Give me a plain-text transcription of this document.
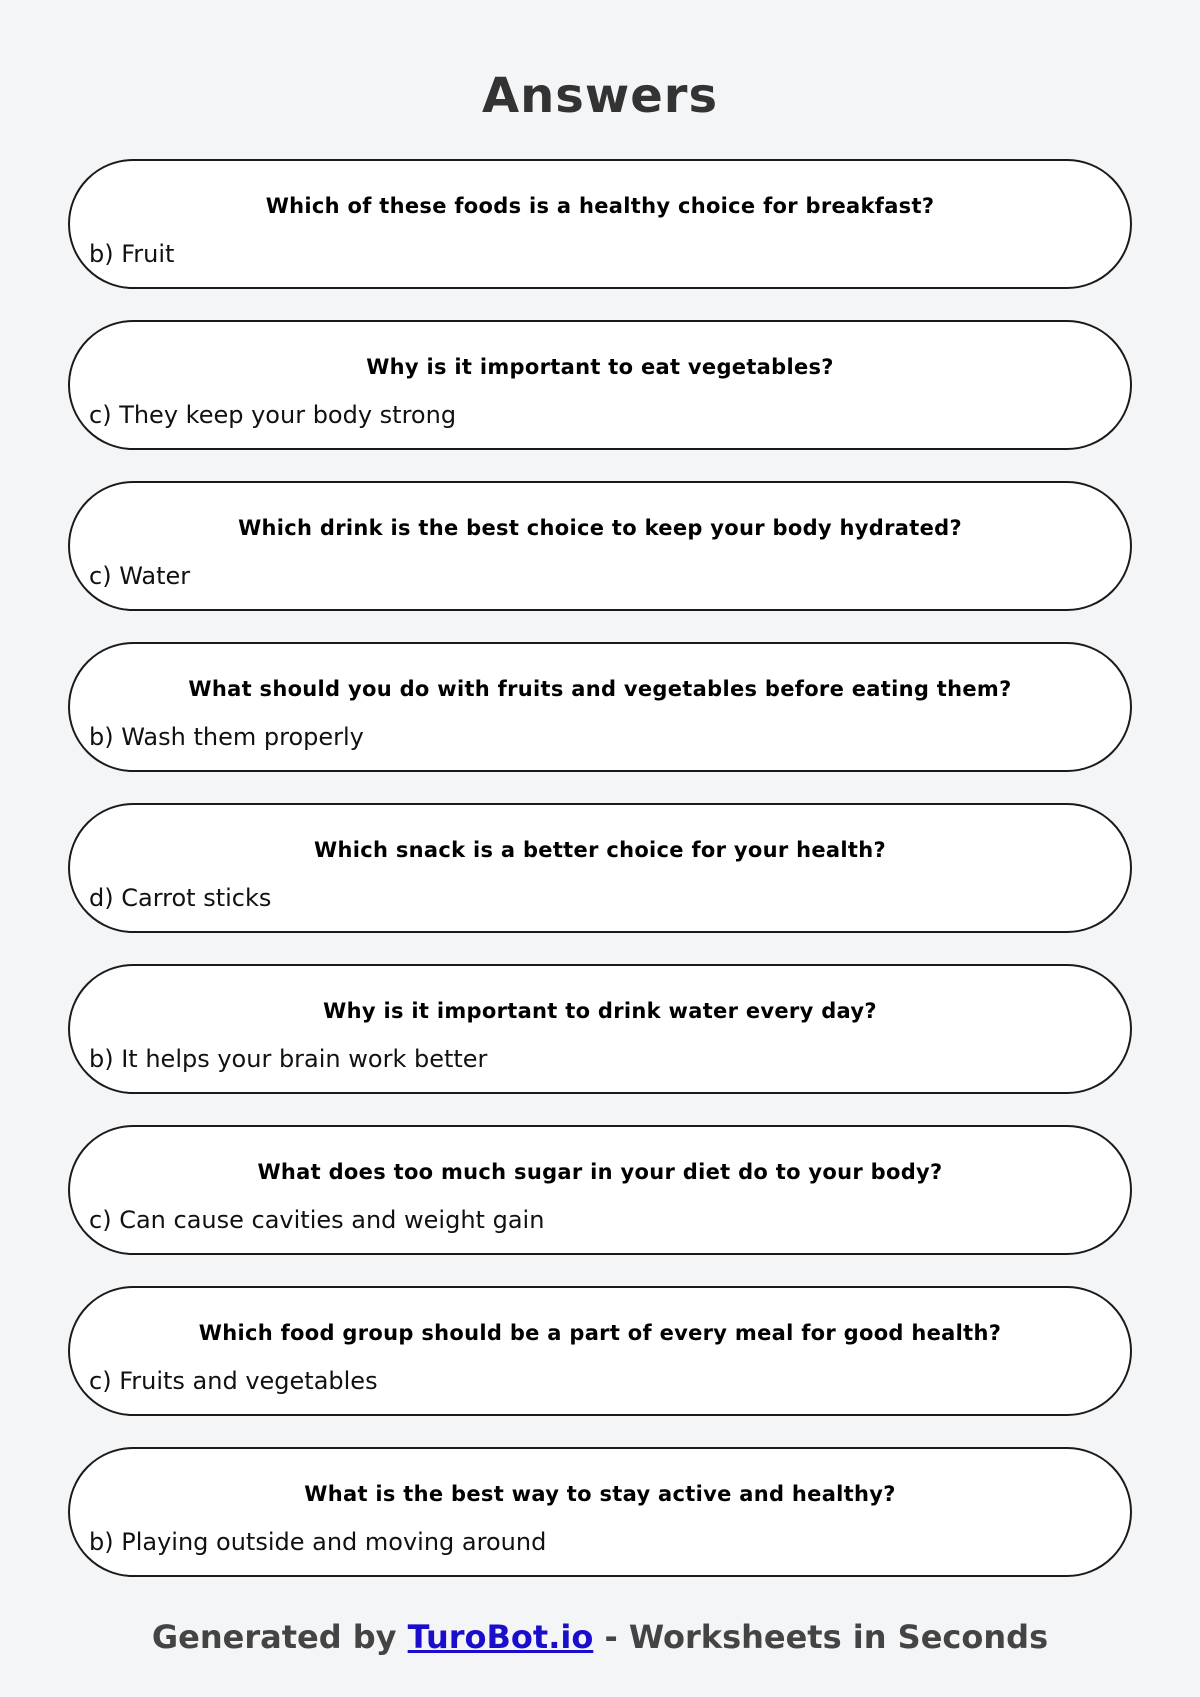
Answers
Which of these foods is a healthy choice for breakfast?
b) Fruit
Why is it important to eat vegetables?
c) They keep your body strong
Which drink is the best choice to keep your body hydrated?
c) Water
What should you do with fruits and vegetables before eating them?
b) Wash them properly
Which snack is a better choice for your health?
d) Carrot sticks
Why is it important to drink water every day?
b) It helps your brain work better
What does too much sugar in your diet do to your body?
c) Can cause cavities and weight gain
Which food group should be a part of every meal for good health?
c) Fruits and vegetables
What is the best way to stay active and healthy?
b) Playing outside and moving around
Generated by TuroBot.io - Worksheets in Seconds
